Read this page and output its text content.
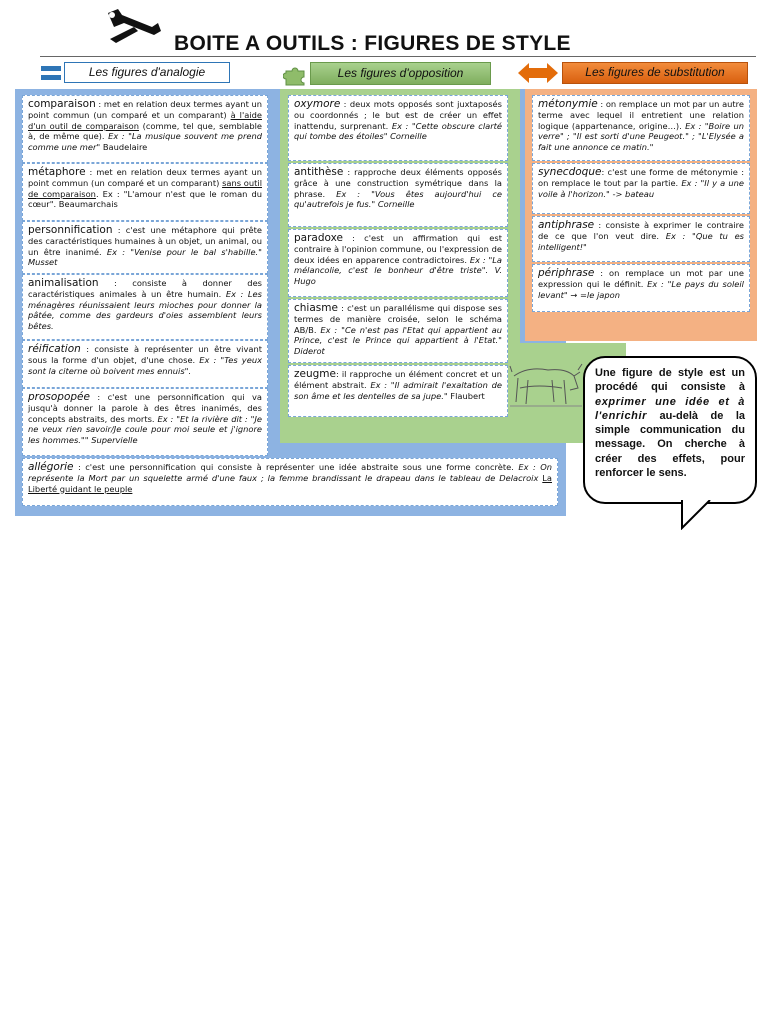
BOITE A OUTILS : FIGURES DE STYLE
Les figures d'analogie	Les figures d'opposition	Les figures de substitution
comparaison : met en relation deux termes ayant un point commun (un comparé et un comparant) à l'aide d'un outil de comparaison (comme, tel que, semblable à, de même que). Ex : "La musique souvent me prend comme une mer" Baudelaire
métaphore : met en relation deux termes ayant un point commun (un comparé et un comparant) sans outil de comparaison. Ex : "L'amour n'est que le roman du cœur". Beaumarchais
personnification : c'est une métaphore qui prête des caractéristiques humaines à un objet, un animal, ou un être inanimé. Ex : "Venise pour le bal s'habille." Musset
animalisation : consiste à donner des caractéristiques animales à un être humain. Ex : Les ménagères réunissaient leurs mioches pour donner la pâtée, comme des gardeurs d'oies assemblent leurs bêtes.
réification : consiste à représenter un être vivant sous la forme d'un objet, d'une chose. Ex : "Tes yeux sont la citerne où boivent mes ennuis".
prosopopée : c'est une personnification qui va jusqu'à donner la parole à des êtres inanimés, des concepts abstraits, des morts. Ex : "Et la rivière dit : "Je ne veux rien savoir/Je coule pour moi seule et j'ignore les hommes."" Supervielle
allégorie : c'est une personnification qui consiste à représenter une idée abstraite sous une forme concrète. Ex : On représente la Mort par un squelette armé d'une faux ; la femme brandissant le drapeau dans le tableau de Delacroix La Liberté guidant le peuple
oxymore : deux mots opposés sont juxtaposés ou coordonnés ; le but est de créer un effet inattendu, surprenant. Ex : "Cette obscure clarté qui tombe des étoiles" Corneille
antithèse : rapproche deux éléments opposés grâce à une construction symétrique dans la phrase. Ex : "Vous êtes aujourd'hui ce qu'autrefois je fus." Corneille
paradoxe : c'est un affirmation qui est contraire à l'opinion commune, ou l'expression de deux idées en apparence contradictoires. Ex : "La mélancolie, c'est le bonheur d'être triste". V. Hugo
chiasme : c'est un parallélisme qui dispose ses termes de manière croisée, selon le schéma AB/B. Ex : "Ce n'est pas l'Etat qui appartient au Prince, c'est le Prince qui appartient à l'Etat." Diderot
zeugme: il rapproche un élément concret et un élément abstrait. Ex : "Il admirait l'exaltation de son âme et les dentelles de sa jupe." Flaubert
métonymie : on remplace un mot par un autre terme avec lequel il entretient une relation logique (appartenance, origine…). Ex : "Boire un verre" ; "Il est sorti d'une Peugeot." ; "L'Elysée a fait une annonce ce matin."
synecdoque: c'est une forme de métonymie : on remplace le tout par la partie. Ex : "Il y a une voile à l'horizon." -> bateau
antiphrase : consiste à exprimer le contraire de ce que l'on veut dire. Ex : "Que tu es intelligent!"
périphrase : on remplace un mot par une expression qui le définit. Ex : "Le pays du soleil levant" → =le japon
Une figure de style est un procédé qui consiste à exprimer une idée et à l'enrichir au-delà de la simple communication du message. On cherche à créer des effets, pour renforcer le sens.
